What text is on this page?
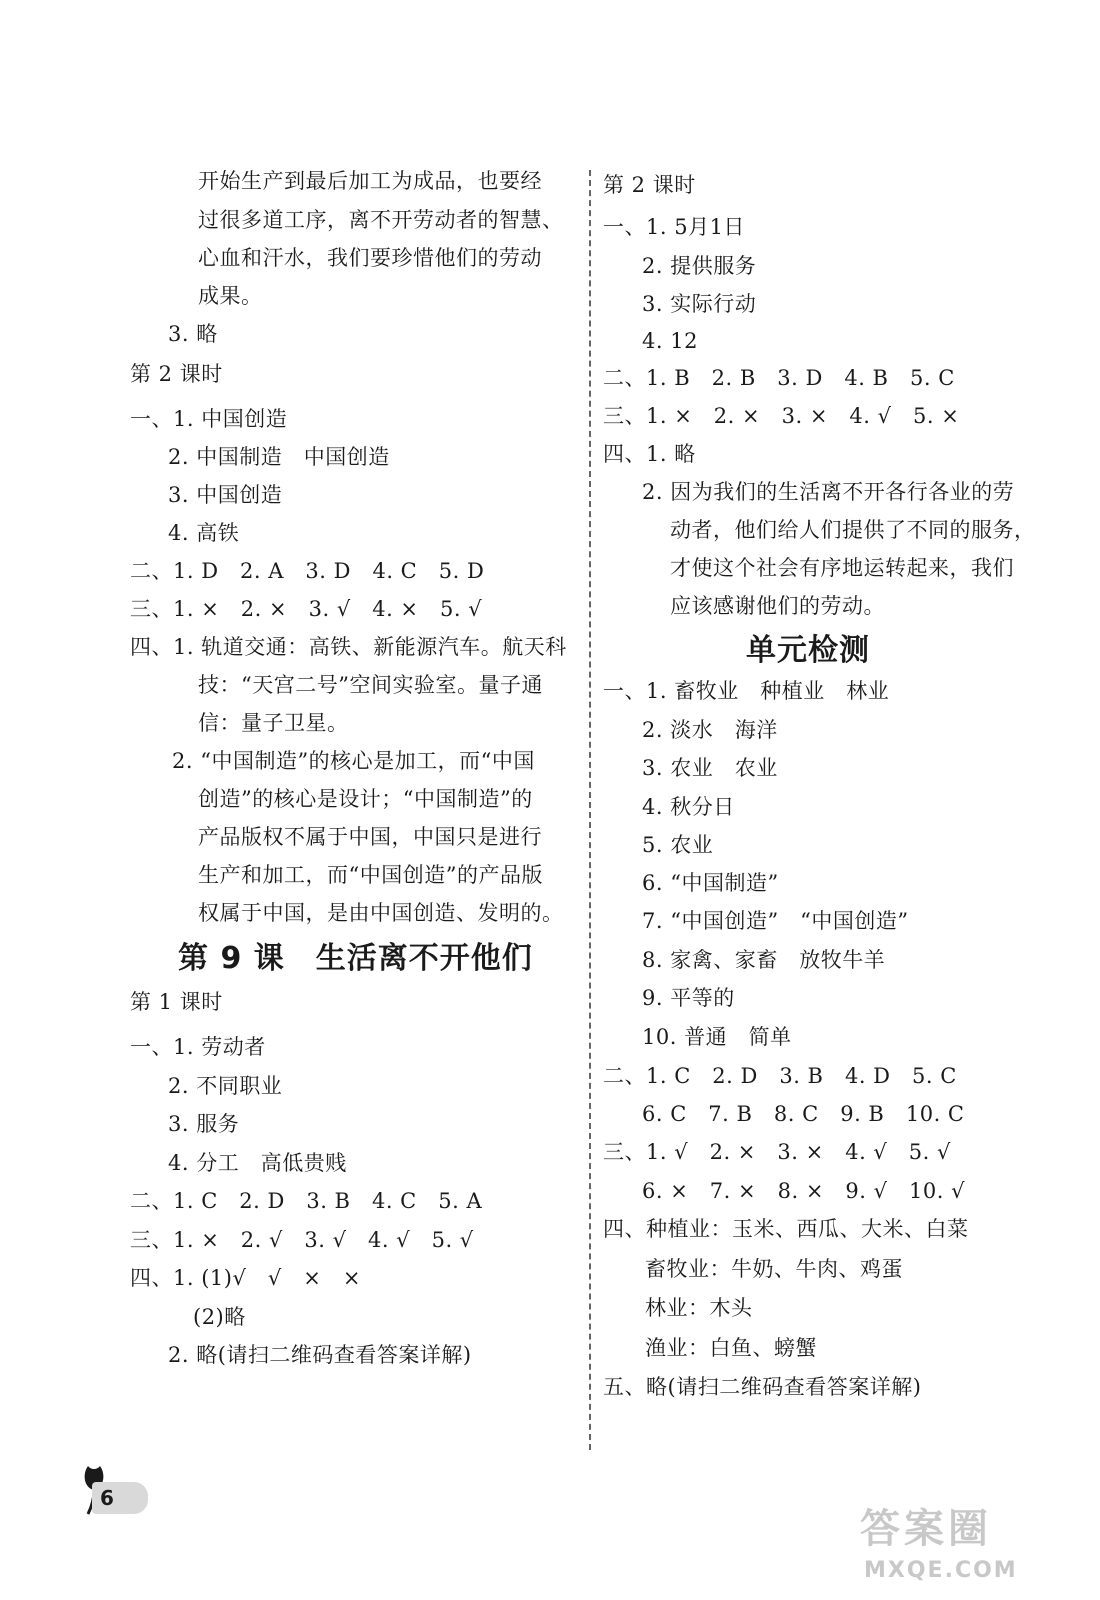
开始生产到最后加工为成品，也要经
过很多道工序，离不开劳动者的智慧、
心血和汗水，我们要珍惜他们的劳动
成果。
3. 略
第 2 课时
一、1. 中国创造
2. 中国制造　中国创造
3. 中国创造
4. 高铁
二、1. D　2. A　3. D　4. C　5. D
三、1. ×　2. ×　3. √　4. ×　5. √
四、1. 轨道交通：高铁、新能源汽车。航天科
技：“天宫二号”空间实验室。量子通
信：量子卫星。
2. “中国制造”的核心是加工，而“中国
创造”的核心是设计；“中国制造”的
产品版权不属于中国，中国只是进行
生产和加工，而“中国创造”的产品版
权属于中国，是由中国创造、发明的。
第 9 课　生活离不开他们
第 1 课时
一、1. 劳动者
2. 不同职业
3. 服务
4. 分工　高低贵贱
二、1. C　2. D　3. B　4. C　5. A
三、1. ×　2. √　3. √　4. √　5. √
四、1. (1)√　√　×　×
(2)略
2. 略(请扫二维码查看答案详解)
第 2 课时
一、1. 5月1日
2. 提供服务
3. 实际行动
4. 12
二、1. B　2. B　3. D　4. B　5. C
三、1. ×　2. ×　3. ×　4. √　5. ×
四、1. 略
2. 因为我们的生活离不开各行各业的劳
动者，他们给人们提供了不同的服务，
才使这个社会有序地运转起来，我们
应该感谢他们的劳动。
单元检测
一、1. 畜牧业　种植业　林业
2. 淡水　海洋
3. 农业　农业
4. 秋分日
5. 农业
6. “中国制造”
7. “中国创造”　“中国创造”
8. 家禽、家畜　放牧牛羊
9. 平等的
10. 普通　简单
二、1. C　2. D　3. B　4. D　5. C
6. C　7. B　8. C　9. B　10. C
三、1. √　2. ×　3. ×　4. √　5. √
6. ×　7. ×　8. ×　9. √　10. √
四、种植业：玉米、西瓜、大米、白菜
畜牧业：牛奶、牛肉、鸡蛋
林业：木头
渔业：白鱼、螃蟹
五、略(请扫二维码查看答案详解)
6
答案圈
MXQE.COM
